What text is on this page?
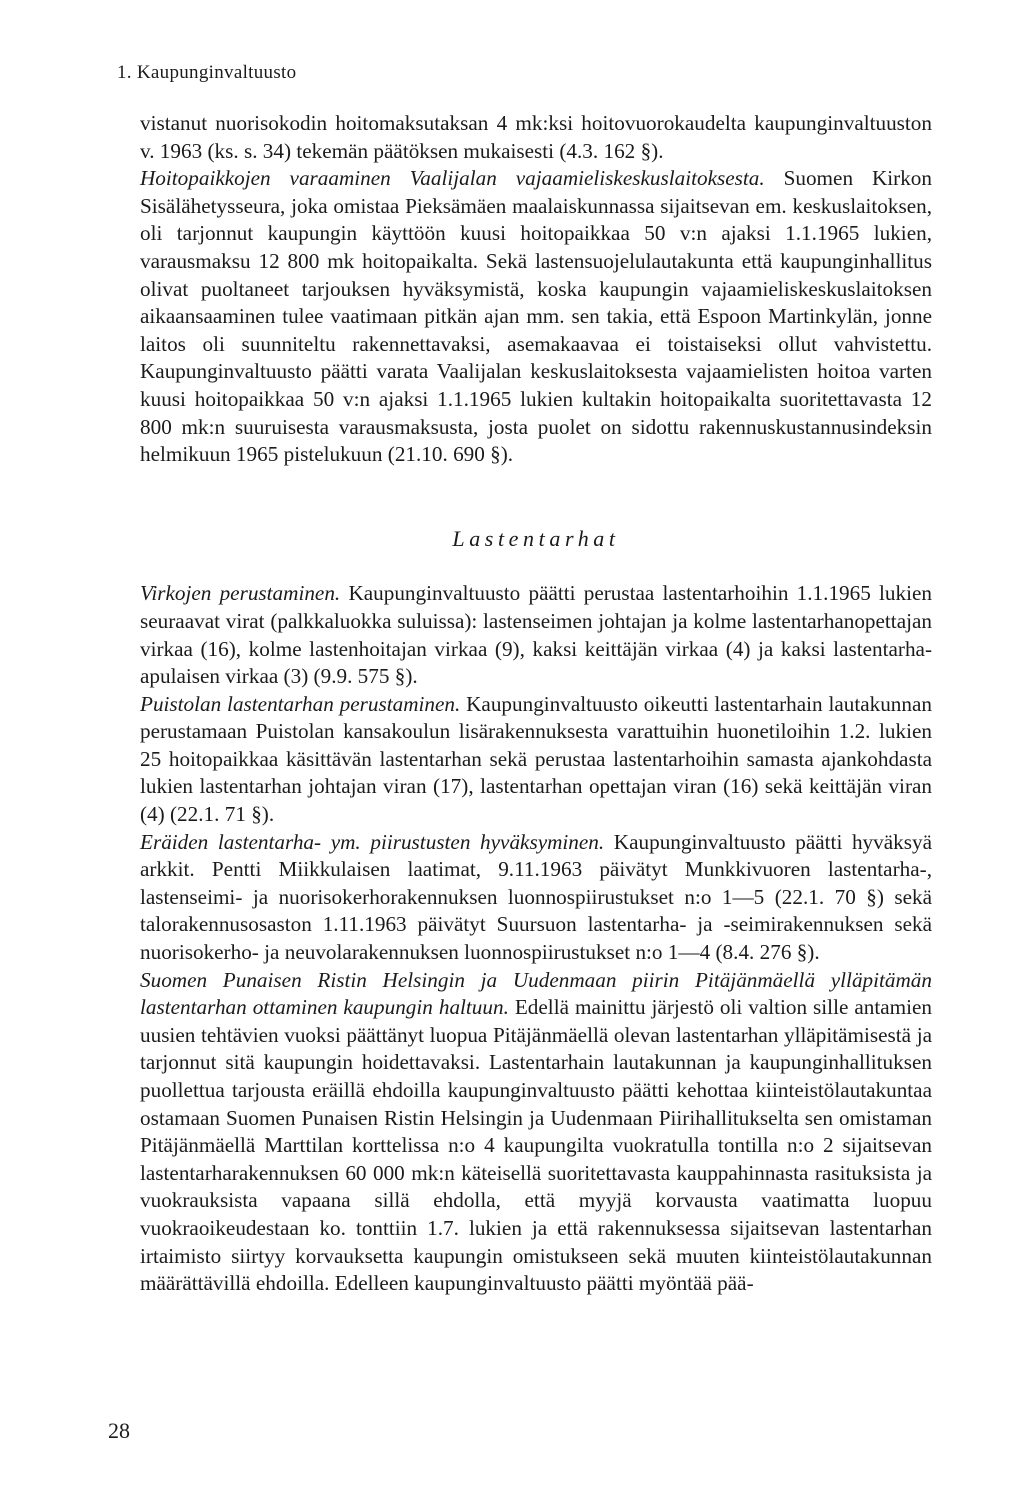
1. Kaupunginvaltuusto

vistanut nuorisokodin hoitomaksutaksan 4 mk:ksi hoitovuorokaudelta kaupunginvaltuuston v. 1963 (ks. s. 34) tekemän päätöksen mukaisesti (4.3. 162 §).

Hoitopaikkojen varaaminen Vaalijalan vajaamieliskeskuslaitoksesta. Suomen Kirkon Sisälähetysseura, joka omistaa Pieksämäen maalaiskunnassa sijaitsevan em. keskuslaitoksen, oli tarjonnut kaupungin käyttöön kuusi hoitopaikkaa 50 v:n ajaksi 1.1.1965 lukien, varausmaksu 12 800 mk hoitopaikalta. Sekä lastensuojelulautakunta että kaupunginhallitus olivat puoltaneet tarjouksen hyväksymistä, koska kaupungin vajaamieliskeskuslaitoksen aikaansaaminen tulee vaatimaan pitkän ajan mm. sen takia, että Espoon Martinkylän, jonne laitos oli suunniteltu rakennettavaksi, asemakaavaa ei toistaiseksi ollut vahvistettu. Kaupunginvaltuusto päätti varata Vaalijalan keskuslaitoksesta vajaamielisten hoitoa varten kuusi hoitopaikkaa 50 v:n ajaksi 1.1.1965 lukien kultakin hoitopaikalta suoritettavasta 12 800 mk:n suuruisesta varausmaksusta, josta puolet on sidottu rakennuskustannusindeksin helmikuun 1965 pistelukuun (21.10. 690 §).

Lastentarhat

Virkojen perustaminen. Kaupunginvaltuusto päätti perustaa lastentarhoihin 1.1.1965 lukien seuraavat virat (palkkaluokka suluissa): lastenseimen johtajan ja kolme lastentarhanopettajan virkaa (16), kolme lastenhoitajan virkaa (9), kaksi keittäjän virkaa (4) ja kaksi lastentarha-apulaisen virkaa (3) (9.9. 575 §).

Puistolan lastentarhan perustaminen. Kaupunginvaltuusto oikeutti lastentarhain lautakunnan perustamaan Puistolan kansakoulun lisärakennuksesta varattuihin huonetiloihin 1.2. lukien 25 hoitopaikkaa käsittävän lastentarhan sekä perustaa lastentarhoihin samasta ajankohdasta lukien lastentarhan johtajan viran (17), lastentarhan opettajan viran (16) sekä keittäjän viran (4) (22.1. 71 §).

Eräiden lastentarha- ym. piirustusten hyväksyminen. Kaupunginvaltuusto päätti hyväksyä arkkit. Pentti Miikkulaisen laatimat, 9.11.1963 päivätyt Munkkivuoren lastentarha-, lastenseimi- ja nuorisokerhorakennuksen luonnospiirustukset n:o 1—5 (22.1. 70 §) sekä talorakennusosaston 1.11.1963 päivätyt Suursuon lastentarha- ja -seimirakennuksen sekä nuorisokerho- ja neuvolarakennuksen luonnospiirustukset n:o 1—4 (8.4. 276 §).

Suomen Punaisen Ristin Helsingin ja Uudenmaan piirin Pitäjänmäellä ylläpitämän lastentarhan ottaminen kaupungin haltuun. Edellä mainittu järjestö oli valtion sille antamien uusien tehtävien vuoksi päättänyt luopua Pitäjänmäellä olevan lastentarhan ylläpitämisestä ja tarjonnut sitä kaupungin hoidettavaksi. Lastentarhain lautakunnan ja kaupunginhallituksen puollettua tarjousta eräillä ehdoilla kaupunginvaltuusto päätti kehottaa kiinteistölautakuntaa ostamaan Suomen Punaisen Ristin Helsingin ja Uudenmaan Piirihallitukselta sen omistaman Pitäjänmäellä Marttilan korttelissa n:o 4 kaupungilta vuokratulla tontilla n:o 2 sijaitsevan lastentarharakennuksen 60 000 mk:n käteisellä suoritettavasta kauppahinnasta rasituksista ja vuokrauksista vapaana sillä ehdolla, että myyjä korvausta vaatimatta luopuu vuokraoikeudestaan ko. tonttiin 1.7. lukien ja että rakennuksessa sijaitsevan lastentarhan irtaimisto siirtyy korvauksetta kaupungin omistukseen sekä muuten kiinteistölautakunnan määrättävillä ehdoilla. Edelleen kaupunginvaltuusto päätti myöntää pää-

28
